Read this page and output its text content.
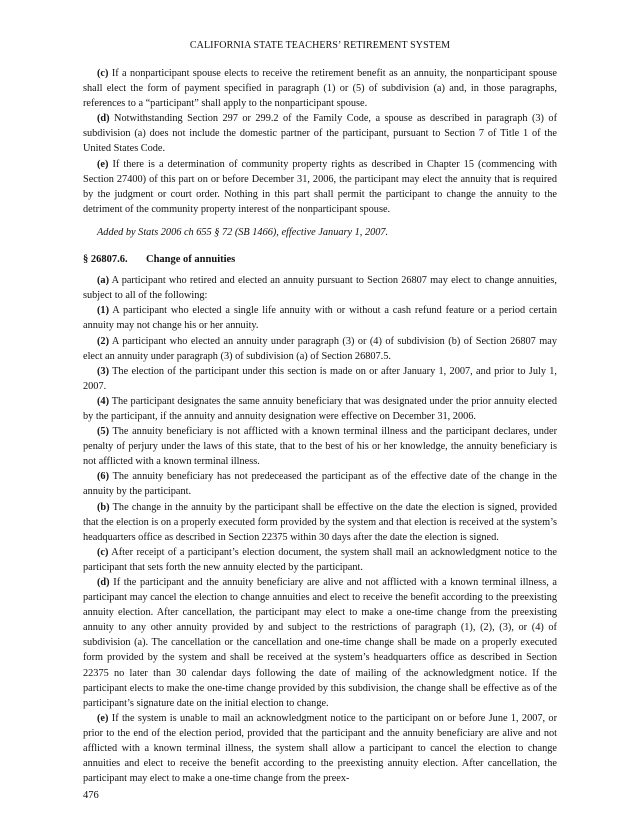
CALIFORNIA STATE TEACHERS’ RETIREMENT SYSTEM

(c) If a nonparticipant spouse elects to receive the retirement benefit as an annuity, the nonparticipant spouse shall elect the form of payment specified in paragraph (1) or (5) of subdivision (a) and, in those paragraphs, references to a “participant” shall apply to the nonparticipant spouse.

(d) Notwithstanding Section 297 or 299.2 of the Family Code, a spouse as described in paragraph (3) of subdivision (a) does not include the domestic partner of the participant, pursuant to Section 7 of Title 1 of the United States Code.

(e) If there is a determination of community property rights as described in Chapter 15 (commencing with Section 27400) of this part on or before December 31, 2006, the participant may elect the annuity that is required by the judgment or court order. Nothing in this part shall permit the participant to change the annuity to the detriment of the community property interest of the nonparticipant spouse.

Added by Stats 2006 ch 655 § 72 (SB 1466), effective January 1, 2007.

§ 26807.6. Change of annuities

(a) A participant who retired and elected an annuity pursuant to Section 26807 may elect to change annuities, subject to all of the following:

(1) A participant who elected a single life annuity with or without a cash refund feature or a period certain annuity may not change his or her annuity.

(2) A participant who elected an annuity under paragraph (3) or (4) of subdivision (b) of Section 26807 may elect an annuity under paragraph (3) of subdivision (a) of Section 26807.5.

(3) The election of the participant under this section is made on or after January 1, 2007, and prior to July 1, 2007.

(4) The participant designates the same annuity beneficiary that was designated under the prior annuity elected by the participant, if the annuity and annuity designation were effective on December 31, 2006.

(5) The annuity beneficiary is not afflicted with a known terminal illness and the participant declares, under penalty of perjury under the laws of this state, that to the best of his or her knowledge, the annuity beneficiary is not afflicted with a known terminal illness.

(6) The annuity beneficiary has not predeceased the participant as of the effective date of the change in the annuity by the participant.

(b) The change in the annuity by the participant shall be effective on the date the election is signed, provided that the election is on a properly executed form provided by the system and that election is received at the system’s headquarters office as described in Section 22375 within 30 days after the date the election is signed.

(c) After receipt of a participant’s election document, the system shall mail an acknowledgment notice to the participant that sets forth the new annuity elected by the participant.

(d) If the participant and the annuity beneficiary are alive and not afflicted with a known terminal illness, a participant may cancel the election to change annuities and elect to receive the benefit according to the preexisting annuity election. After cancellation, the participant may elect to make a one-time change from the preexisting annuity to any other annuity provided by and subject to the restrictions of paragraph (1), (2), (3), or (4) of subdivision (a). The cancellation or the cancellation and one-time change shall be made on a properly executed form provided by the system and shall be received at the system’s headquarters office as described in Section 22375 no later than 30 calendar days following the date of mailing of the acknowledgment notice. If the participant elects to make the one-time change provided by this subdivision, the change shall be effective as of the participant’s signature date on the initial election to change.

(e) If the system is unable to mail an acknowledgment notice to the participant on or before June 1, 2007, or prior to the end of the election period, provided that the participant and the annuity beneficiary are alive and not afflicted with a known terminal illness, the system shall allow a participant to cancel the election to change annuities and elect to receive the benefit according to the preexisting annuity election. After cancellation, the participant may elect to make a one-time change from the preex-

476
